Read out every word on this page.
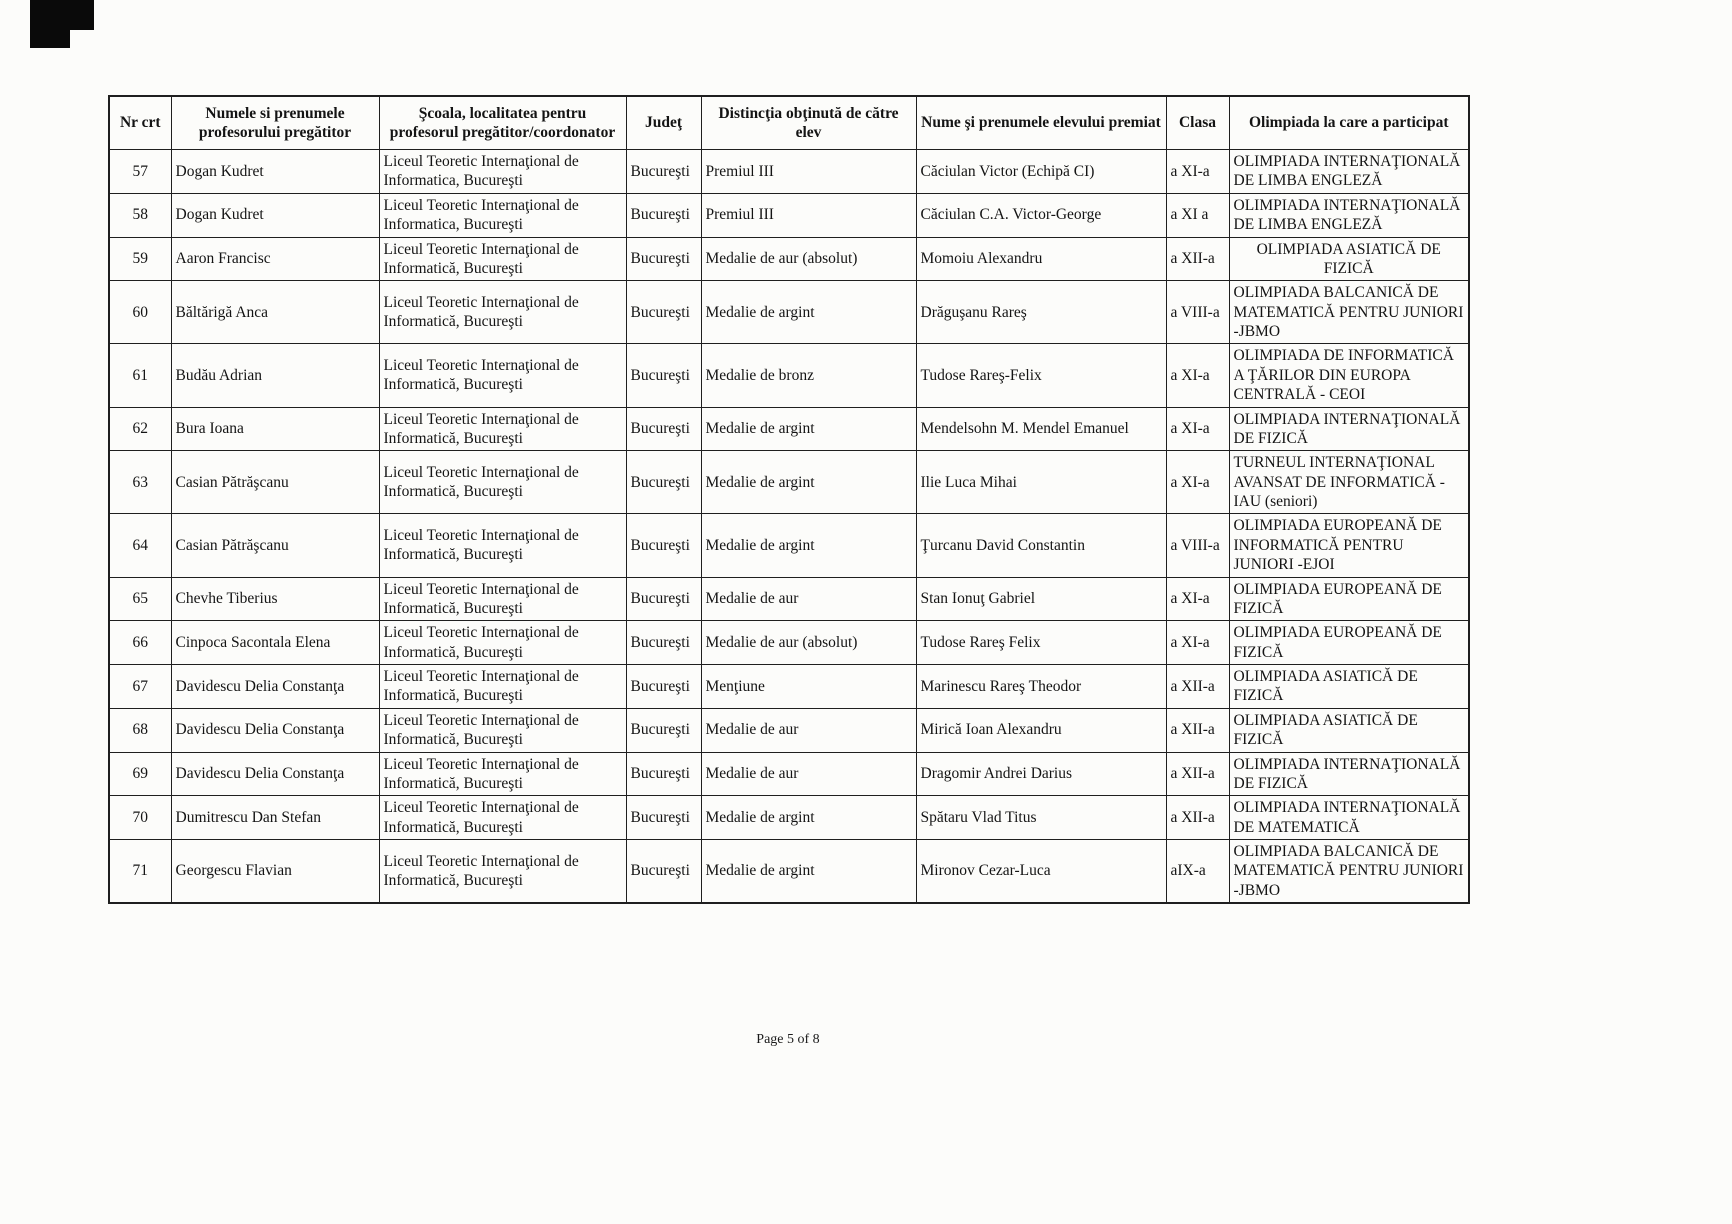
Nr crt	Numele si prenumele profesorului pregătitor	Şcoala, localitatea pentru profesorul pregătitor/coordonator	Judeţ	Distincţia obţinută de către elev	Nume şi prenumele elevului premiat	Clasa	Olimpiada la care a participat
57	Dogan Kudret	Liceul Teoretic Internaţional de Informatica, Bucureşti	Bucureşti	Premiul III	Căciulan Victor (Echipă CI)	a XI-a	OLIMPIADA INTERNAŢIONALĂ DE LIMBA ENGLEZĂ
58	Dogan Kudret	Liceul Teoretic Internaţional de Informatica, Bucureşti	Bucureşti	Premiul III	Căciulan C.A. Victor-George	a XI a	OLIMPIADA INTERNAŢIONALĂ DE LIMBA ENGLEZĂ
59	Aaron Francisc	Liceul Teoretic Internaţional de Informatică, Bucureşti	Bucureşti	Medalie de aur (absolut)	Momoiu Alexandru	a XII-a	OLIMPIADA ASIATICĂ DE FIZICĂ
60	Băltărigă Anca	Liceul Teoretic Internaţional de Informatică, Bucureşti	Bucureşti	Medalie de argint	Drăguşanu Rareş	a VIII-a	OLIMPIADA BALCANICĂ DE MATEMATICĂ PENTRU JUNIORI -JBMO
61	Budău Adrian	Liceul Teoretic Internaţional de Informatică, Bucureşti	Bucureşti	Medalie de bronz	Tudose Rareş-Felix	a XI-a	OLIMPIADA DE INFORMATICĂ A ŢĂRILOR DIN EUROPA CENTRALĂ - CEOI
62	Bura Ioana	Liceul Teoretic Internaţional de Informatică, Bucureşti	Bucureşti	Medalie de argint	Mendelsohn M. Mendel Emanuel	a XI-a	OLIMPIADA INTERNAŢIONALĂ DE FIZICĂ
63	Casian Pătrăşcanu	Liceul Teoretic Internaţional de Informatică, Bucureşti	Bucureşti	Medalie de argint	Ilie Luca Mihai	a XI-a	TURNEUL INTERNAŢIONAL AVANSAT DE INFORMATICĂ - IAU (seniori)
64	Casian Pătrăşcanu	Liceul Teoretic Internaţional de Informatică, Bucureşti	Bucureşti	Medalie de argint	Ţurcanu David Constantin	a VIII-a	OLIMPIADA EUROPEANĂ DE INFORMATICĂ PENTRU JUNIORI -EJOI
65	Chevhe Tiberius	Liceul Teoretic Internaţional de Informatică, Bucureşti	Bucureşti	Medalie de aur	Stan Ionuţ Gabriel	a XI-a	OLIMPIADA EUROPEANĂ DE FIZICĂ
66	Cinpoca Sacontala Elena	Liceul Teoretic Internaţional de Informatică, Bucureşti	Bucureşti	Medalie de aur (absolut)	Tudose Rareş Felix	a XI-a	OLIMPIADA EUROPEANĂ DE FIZICĂ
67	Davidescu Delia Constanţa	Liceul Teoretic Internaţional de Informatică, Bucureşti	Bucureşti	Menţiune	Marinescu Rareş Theodor	a XII-a	OLIMPIADA ASIATICĂ DE FIZICĂ
68	Davidescu Delia Constanţa	Liceul Teoretic Internaţional de Informatică, Bucureşti	Bucureşti	Medalie de aur	Mirică Ioan Alexandru	a XII-a	OLIMPIADA ASIATICĂ DE FIZICĂ
69	Davidescu Delia Constanţa	Liceul Teoretic Internaţional de Informatică, Bucureşti	Bucureşti	Medalie de aur	Dragomir Andrei Darius	a XII-a	OLIMPIADA INTERNAŢIONALĂ DE FIZICĂ
70	Dumitrescu Dan Stefan	Liceul Teoretic Internaţional de Informatică, Bucureşti	Bucureşti	Medalie de argint	Spătaru Vlad Titus	a XII-a	OLIMPIADA INTERNAŢIONALĂ DE MATEMATICĂ
71	Georgescu Flavian	Liceul Teoretic Internaţional de Informatică, Bucureşti	Bucureşti	Medalie de argint	Mironov Cezar-Luca	aIX-a	OLIMPIADA BALCANICĂ DE MATEMATICĂ PENTRU JUNIORI -JBMO
Page 5 of 8
